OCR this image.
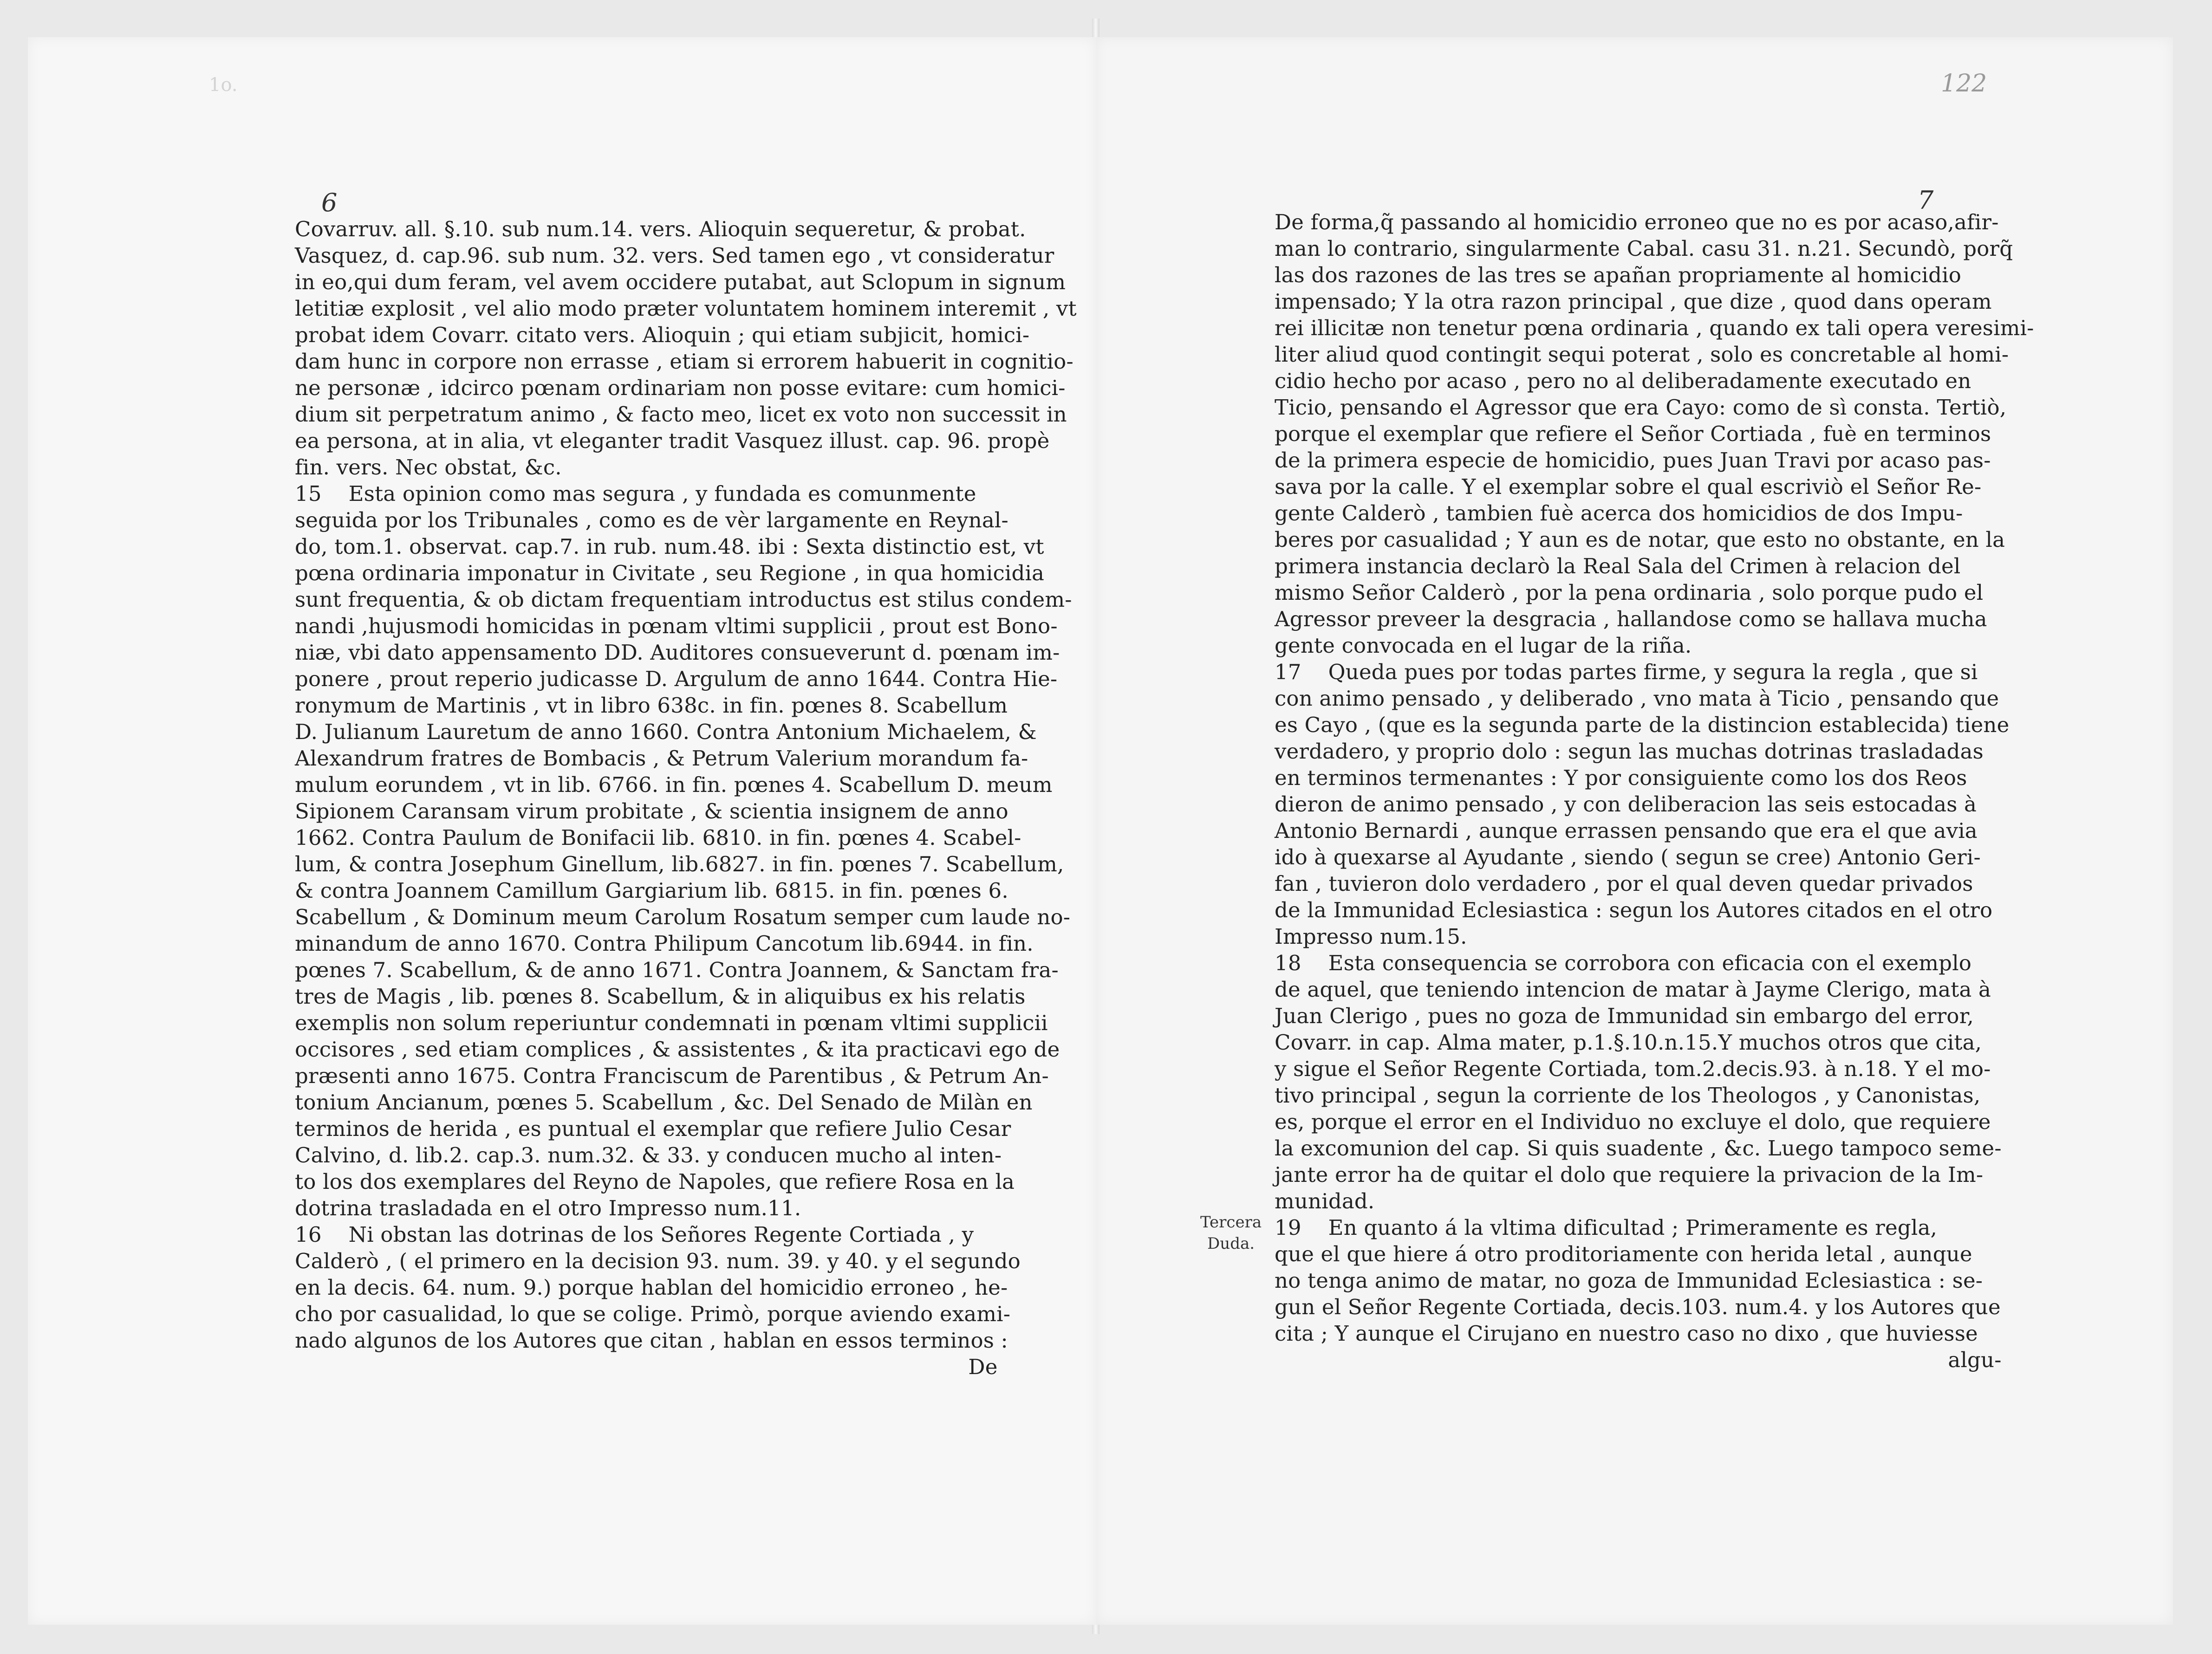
1o.	122
6	7

Covarruv. all. §.10. sub num.14. vers. Alioquin sequeretur, & probat.

Vasquez, d. cap.96. sub num. 32. vers. Sed tamen ego , vt consideratur

in eo,qui dum feram, vel avem occidere putabat, aut Sclopum in signum

letitiæ explosit , vel alio modo præter voluntatem hominem interemit , vt

probat idem Covarr. citato vers. Alioquin ; qui etiam subjicit, homici-

dam hunc in corpore non errasse , etiam si errorem habuerit in cognitio-

ne personæ , idcirco pœnam ordinariam non posse evitare: cum homici-

dium sit perpetratum animo , & facto meo, licet ex voto non successit in

ea persona, at in alia, vt eleganter tradit Vasquez illust. cap. 96. propè

fin. vers. Nec obstat, &c.

15    Esta opinion como mas segura , y fundada es comunmente

seguida por los Tribunales , como es de vèr largamente en Reynal-

do, tom.1. observat. cap.7. in rub. num.48. ibi : Sexta distinctio est, vt

pœna ordinaria imponatur in Civitate , seu Regione , in qua homicidia

sunt frequentia, & ob dictam frequentiam introductus est stilus condem-

nandi ,hujusmodi homicidas in pœnam vltimi supplicii , prout est Bono-

niæ, vbi dato appensamento DD. Auditores consueverunt d. pœnam im-

ponere , prout reperio judicasse D. Argulum de anno 1644. Contra Hie-

ronymum de Martinis , vt in libro 638c. in fin. pœnes 8. Scabellum

D. Julianum Lauretum de anno 1660. Contra Antonium Michaelem, &

Alexandrum fratres de Bombacis , & Petrum Valerium morandum fa-

mulum eorundem , vt in lib. 6766. in fin. pœnes 4. Scabellum D. meum

Sipionem Caransam virum probitate , & scientia insignem de anno

1662. Contra Paulum de Bonifacii lib. 6810. in fin. pœnes 4. Scabel-

lum, & contra Josephum Ginellum, lib.6827. in fin. pœnes 7. Scabellum,

& contra Joannem Camillum Gargiarium lib. 6815. in fin. pœnes 6.

Scabellum , & Dominum meum Carolum Rosatum semper cum laude no-

minandum de anno 1670. Contra Philipum Cancotum lib.6944. in fin.

pœnes 7. Scabellum, & de anno 1671. Contra Joannem, & Sanctam fra-

tres de Magis , lib. pœnes 8. Scabellum, & in aliquibus ex his relatis

exemplis non solum reperiuntur condemnati in pœnam vltimi supplicii

occisores , sed etiam complices , & assistentes , & ita practicavi ego de

præsenti anno 1675. Contra Franciscum de Parentibus , & Petrum An-

tonium Ancianum, pœnes 5. Scabellum , &c. Del Senado de Milàn en

terminos de herida , es puntual el exemplar que refiere Julio Cesar

Calvino, d. lib.2. cap.3. num.32. & 33. y conducen mucho al inten-

to los dos exemplares del Reyno de Napoles, que refiere Rosa en la

dotrina trasladada en el otro Impresso num.11.

16    Ni obstan las dotrinas de los Señores Regente Cortiada , y

Calderò , ( el primero en la decision 93. num. 39. y 40. y el segundo

en la decis. 64. num. 9.) porque hablan del homicidio erroneo , he-

cho por casualidad, lo que se colige. Primò, porque aviendo exami-

nado algunos de los Autores que citan , hablan en essos terminos :

De

De forma,q̃ passando al homicidio erroneo que no es por acaso,afir-

man lo contrario, singularmente Cabal. casu 31. n.21. Secundò, porq̃

las dos razones de las tres se apañan propriamente al homicidio

impensado; Y la otra razon principal , que dize , quod dans operam

rei illicitæ non tenetur pœna ordinaria , quando ex tali opera veresimi-

liter aliud quod contingit sequi poterat , solo es concretable al homi-

cidio hecho por acaso , pero no al deliberadamente executado en

Ticio, pensando el Agressor que era Cayo: como de sì consta. Tertiò,

porque el exemplar que refiere el Señor Cortiada , fuè en terminos

de la primera especie de homicidio, pues Juan Travi por acaso pas-

sava por la calle. Y el exemplar sobre el qual escriviò el Señor Re-

gente Calderò , tambien fuè acerca dos homicidios de dos Impu-

beres por casualidad ; Y aun es de notar, que esto no obstante, en la

primera instancia declarò la Real Sala del Crimen à relacion del

mismo Señor Calderò , por la pena ordinaria , solo porque pudo el

Agressor preveer la desgracia , hallandose como se hallava mucha

gente convocada en el lugar de la riña.

17    Queda pues por todas partes firme, y segura la regla , que si

con animo pensado , y deliberado , vno mata à Ticio , pensando que

es Cayo , (que es la segunda parte de la distincion establecida) tiene

verdadero, y proprio dolo : segun las muchas dotrinas trasladadas

en terminos termenantes : Y por consiguiente como los dos Reos

dieron de animo pensado , y con deliberacion las seis estocadas à

Antonio Bernardi , aunque errassen pensando que era el que avia

ido à quexarse al Ayudante , siendo ( segun se cree) Antonio Geri-

fan , tuvieron dolo verdadero , por el qual deven quedar privados

de la Immunidad Eclesiastica : segun los Autores citados en el otro

Impresso num.15.

18    Esta consequencia se corrobora con eficacia con el exemplo

de aquel, que teniendo intencion de matar à Jayme Clerigo, mata à

Juan Clerigo , pues no goza de Immunidad sin embargo del error,

Covarr. in cap. Alma mater, p.1.§.10.n.15.Y muchos otros que cita,

y sigue el Señor Regente Cortiada, tom.2.decis.93. à n.18. Y el mo-

tivo principal , segun la corriente de los Theologos , y Canonistas,

es, porque el error en el Individuo no excluye el dolo, que requiere

la excomunion del cap. Si quis suadente , &c. Luego tampoco seme-

jante error ha de quitar el dolo que requiere la privacion de la Im-

munidad.

19    En quanto á la vltima dificultad ; Primeramente es regla,

que el que hiere á otro proditoriamente con herida letal , aunque

no tenga animo de matar, no goza de Immunidad Eclesiastica : se-

gun el Señor Regente Cortiada, decis.103. num.4. y los Autores que

cita ; Y aunque el Cirujano en nuestro caso no dixo , que huviesse

algu-

Tercera
Duda.
